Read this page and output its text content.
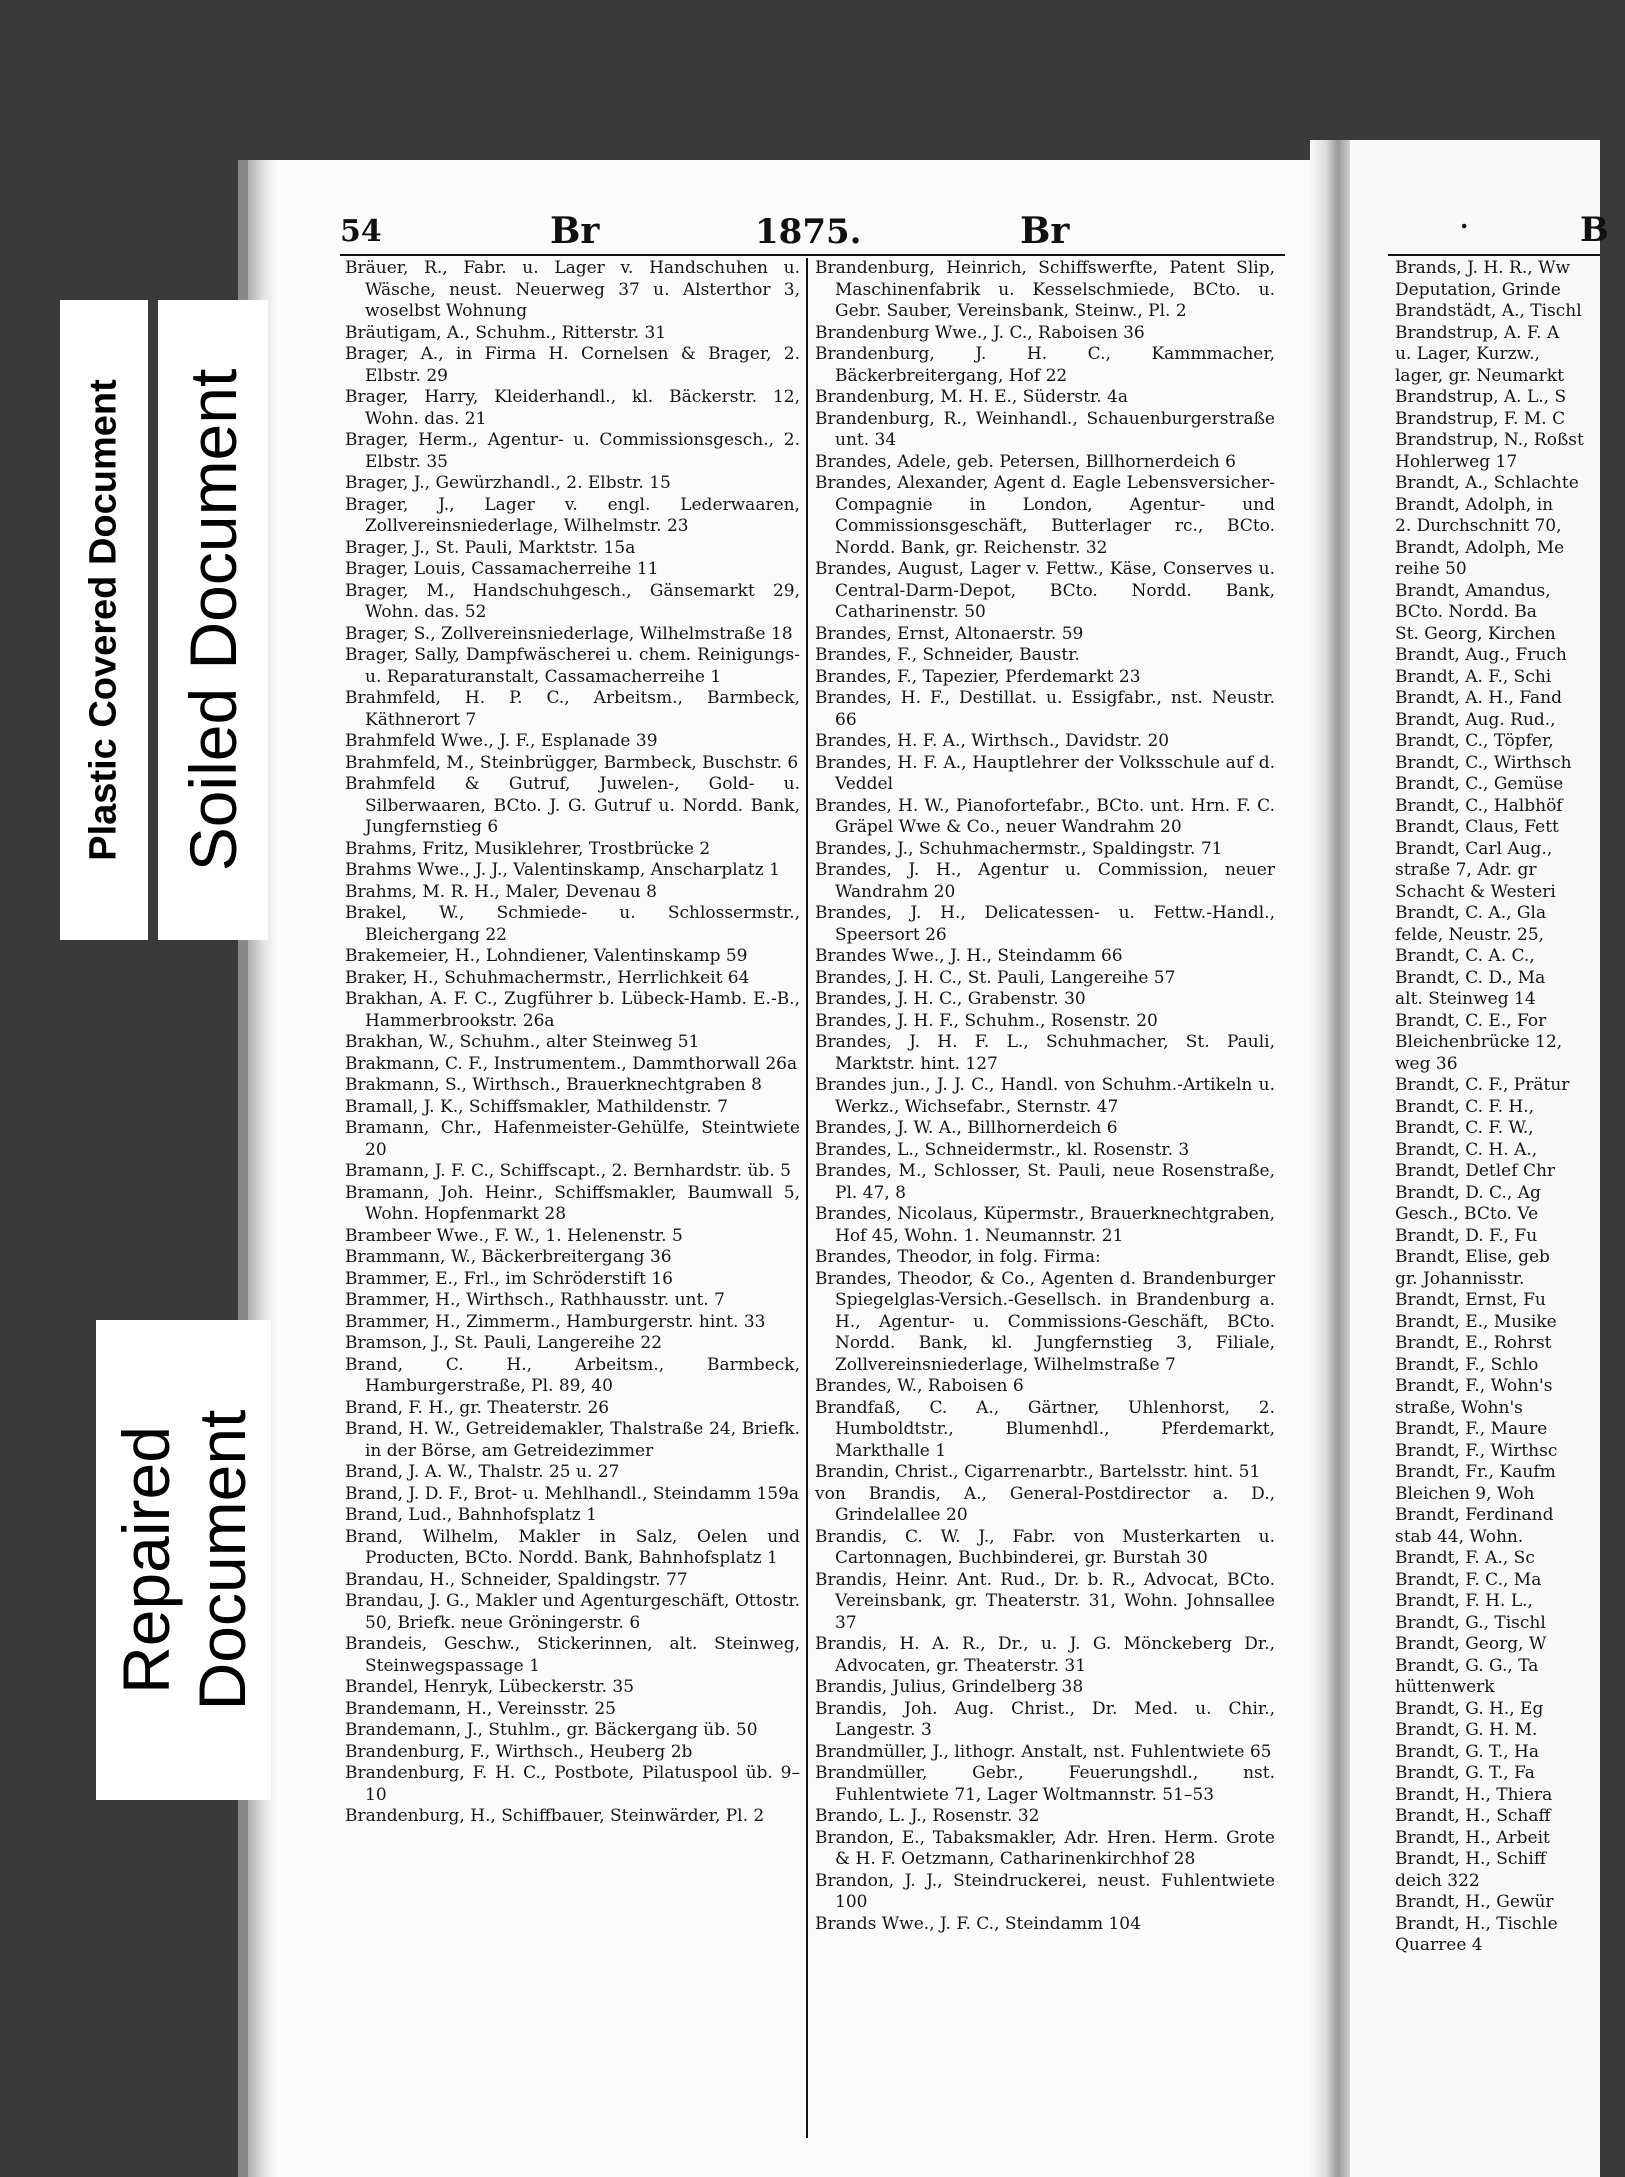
54	Br	1875.	Br	.	B

Bräuer, R., Fabr. u. Lager v. Handschuhen u. Wäsche, neust. Neuerweg 37 u. Alsterthor 3, woselbst Wohnung

Bräutigam, A., Schuhm., Ritterstr. 31

Brager, A., in Firma H. Cornelsen & Brager, 2. Elbstr. 29

Brager, Harry, Kleiderhandl., kl. Bäckerstr. 12, Wohn. das. 21

Brager, Herm., Agentur- u. Commissionsgesch., 2. Elbstr. 35

Brager, J., Gewürzhandl., 2. Elbstr. 15

Brager, J., Lager v. engl. Lederwaaren, Zollvereinsniederlage, Wilhelmstr. 23

Brager, J., St. Pauli, Marktstr. 15a

Brager, Louis, Cassamacherreihe 11

Brager, M., Handschuhgesch., Gänsemarkt 29, Wohn. das. 52

Brager, S., Zollvereinsniederlage, Wilhelmstraße 18

Brager, Sally, Dampfwäscherei u. chem. Reinigungs- u. Reparaturanstalt, Cassamacherreihe 1

Brahmfeld, H. P. C., Arbeitsm., Barmbeck, Käthnerort 7

Brahmfeld Wwe., J. F., Esplanade 39

Brahmfeld, M., Steinbrügger, Barmbeck, Buschstr. 6

Brahmfeld & Gutruf, Juwelen-, Gold- u. Silberwaaren, BCto. J. G. Gutruf u. Nordd. Bank, Jungfernstieg 6

Brahms, Fritz, Musiklehrer, Trostbrücke 2

Brahms Wwe., J. J., Valentinskamp, Anscharplatz 1

Brahms, M. R. H., Maler, Devenau 8

Brakel, W., Schmiede- u. Schlossermstr., Bleichergang 22

Brakemeier, H., Lohndiener, Valentinskamp 59

Braker, H., Schuhmachermstr., Herrlichkeit 64

Brakhan, A. F. C., Zugführer b. Lübeck-Hamb. E.-B., Hammerbrookstr. 26a

Brakhan, W., Schuhm., alter Steinweg 51

Brakmann, C. F., Instrumentem., Dammthorwall 26a

Brakmann, S., Wirthsch., Brauerknechtgraben 8

Bramall, J. K., Schiffsmakler, Mathildenstr. 7

Bramann, Chr., Hafenmeister-Gehülfe, Steintwiete 20

Bramann, J. F. C., Schiffscapt., 2. Bernhardstr. üb. 5

Bramann, Joh. Heinr., Schiffsmakler, Baumwall 5, Wohn. Hopfenmarkt 28

Brambeer Wwe., F. W., 1. Helenenstr. 5

Brammann, W., Bäckerbreitergang 36

Brammer, E., Frl., im Schröderstift 16

Brammer, H., Wirthsch., Rathhausstr. unt. 7

Brammer, H., Zimmerm., Hamburgerstr. hint. 33

Bramson, J., St. Pauli, Langereihe 22

Brand, C. H., Arbeitsm., Barmbeck, Hamburgerstraße, Pl. 89, 40

Brand, F. H., gr. Theaterstr. 26

Brand, H. W., Getreidemakler, Thalstraße 24, Briefk. in der Börse, am Getreidezimmer

Brand, J. A. W., Thalstr. 25 u. 27

Brand, J. D. F., Brot- u. Mehlhandl., Steindamm 159a

Brand, Lud., Bahnhofsplatz 1

Brand, Wilhelm, Makler in Salz, Oelen und Producten, BCto. Nordd. Bank, Bahnhofsplatz 1

Brandau, H., Schneider, Spaldingstr. 77

Brandau, J. G., Makler und Agenturgeschäft, Ottostr. 50, Briefk. neue Gröningerstr. 6

Brandeis, Geschw., Stickerinnen, alt. Steinweg, Steinwegspassage 1

Brandel, Henryk, Lübeckerstr. 35

Brandemann, H., Vereinsstr. 25

Brandemann, J., Stuhlm., gr. Bäckergang üb. 50

Brandenburg, F., Wirthsch., Heuberg 2b

Brandenburg, F. H. C., Postbote, Pilatuspool üb. 9–10

Brandenburg, H., Schiffbauer, Steinwärder, Pl. 2

Brandenburg, Heinrich, Schiffswerfte, Patent Slip, Maschinenfabrik u. Kesselschmiede, BCto. u. Gebr. Sauber, Vereinsbank, Steinw., Pl. 2

Brandenburg Wwe., J. C., Raboisen 36

Brandenburg, J. H. C., Kammmacher, Bäckerbreitergang, Hof 22

Brandenburg, M. H. E., Süderstr. 4a

Brandenburg, R., Weinhandl., Schauenburgerstraße unt. 34

Brandes, Adele, geb. Petersen, Billhornerdeich 6

Brandes, Alexander, Agent d. Eagle Lebensversicher-Compagnie in London, Agentur- und Commissionsgeschäft, Butterlager rc., BCto. Nordd. Bank, gr. Reichenstr. 32

Brandes, August, Lager v. Fettw., Käse, Conserves u. Central-Darm-Depot, BCto. Nordd. Bank, Catharinenstr. 50

Brandes, Ernst, Altonaerstr. 59

Brandes, F., Schneider, Baustr.

Brandes, F., Tapezier, Pferdemarkt 23

Brandes, H. F., Destillat. u. Essigfabr., nst. Neustr. 66

Brandes, H. F. A., Wirthsch., Davidstr. 20

Brandes, H. F. A., Hauptlehrer der Volksschule auf d. Veddel

Brandes, H. W., Pianofortefabr., BCto. unt. Hrn. F. C. Gräpel Wwe & Co., neuer Wandrahm 20

Brandes, J., Schuhmachermstr., Spaldingstr. 71

Brandes, J. H., Agentur u. Commission, neuer Wandrahm 20

Brandes, J. H., Delicatessen- u. Fettw.-Handl., Speersort 26

Brandes Wwe., J. H., Steindamm 66

Brandes, J. H. C., St. Pauli, Langereihe 57

Brandes, J. H. C., Grabenstr. 30

Brandes, J. H. F., Schuhm., Rosenstr. 20

Brandes, J. H. F. L., Schuhmacher, St. Pauli, Marktstr. hint. 127

Brandes jun., J. J. C., Handl. von Schuhm.-Artikeln u. Werkz., Wichsefabr., Sternstr. 47

Brandes, J. W. A., Billhornerdeich 6

Brandes, L., Schneidermstr., kl. Rosenstr. 3

Brandes, M., Schlosser, St. Pauli, neue Rosenstraße, Pl. 47, 8

Brandes, Nicolaus, Küpermstr., Brauerknechtgraben, Hof 45, Wohn. 1. Neumannstr. 21

Brandes, Theodor, in folg. Firma:

Brandes, Theodor, & Co., Agenten d. Brandenburger Spiegelglas-Versich.-Gesellsch. in Brandenburg a. H., Agentur- u. Commissions-Geschäft, BCto. Nordd. Bank, kl. Jungfernstieg 3, Filiale, Zollvereinsniederlage, Wilhelmstraße 7

Brandes, W., Raboisen 6

Brandfaß, C. A., Gärtner, Uhlenhorst, 2. Humboldtstr., Blumenhdl., Pferdemarkt, Markthalle 1

Brandin, Christ., Cigarrenarbtr., Bartelsstr. hint. 51

von Brandis, A., General-Postdirector a. D., Grindelallee 20

Brandis, C. W. J., Fabr. von Musterkarten u. Cartonnagen, Buchbinderei, gr. Burstah 30

Brandis, Heinr. Ant. Rud., Dr. b. R., Advocat, BCto. Vereinsbank, gr. Theaterstr. 31, Wohn. Johnsallee 37

Brandis, H. A. R., Dr., u. J. G. Mönckeberg Dr., Advocaten, gr. Theaterstr. 31

Brandis, Julius, Grindelberg 38

Brandis, Joh. Aug. Christ., Dr. Med. u. Chir., Langestr. 3

Brandmüller, J., lithogr. Anstalt, nst. Fuhlentwiete 65

Brandmüller, Gebr., Feuerungshdl., nst. Fuhlentwiete 71, Lager Woltmannstr. 51–53

Brando, L. J., Rosenstr. 32

Brandon, E., Tabaksmakler, Adr. Hren. Herm. Grote & H. F. Oetzmann, Catharinenkirchhof 28

Brandon, J. J., Steindruckerei, neust. Fuhlentwiete 100

Brands Wwe., J. F. C., Steindamm 104

Brands, J. H. R., Ww

Deputation, Grinde

Brandstädt, A., Tischl

Brandstrup, A. F. A

u. Lager, Kurzw.,

lager, gr. Neumarkt

Brandstrup, A. L., S

Brandstrup, F. M. C

Brandstrup, N., Roßst

Hohlerweg 17

Brandt, A., Schlachte

Brandt, Adolph, in

2. Durchschnitt 70,

Brandt, Adolph, Me

reihe 50

Brandt, Amandus,

BCto. Nordd. Ba

St. Georg, Kirchen

Brandt, Aug., Fruch

Brandt, A. F., Schi

Brandt, A. H., Fand

Brandt, Aug. Rud.,

Brandt, C., Töpfer,

Brandt, C., Wirthsch

Brandt, C., Gemüse

Brandt, C., Halbhöf

Brandt, Claus, Fett

Brandt, Carl Aug.,

straße 7, Adr. gr

Schacht & Westeri

Brandt, C. A., Gla

felde, Neustr. 25,

Brandt, C. A. C.,

Brandt, C. D., Ma

alt. Steinweg 14

Brandt, C. E., For

Bleichenbrücke 12,

weg 36

Brandt, C. F., Prätur

Brandt, C. F. H.,

Brandt, C. F. W.,

Brandt, C. H. A.,

Brandt, Detlef Chr

Brandt, D. C., Ag

Gesch., BCto. Ve

Brandt, D. F., Fu

Brandt, Elise, geb

gr. Johannisstr.

Brandt, Ernst, Fu

Brandt, E., Musike

Brandt, E., Rohrst

Brandt, F., Schlo

Brandt, F., Wohn's

straße, Wohn's

Brandt, F., Maure

Brandt, F., Wirthsc

Brandt, Fr., Kaufm

Bleichen 9, Woh

Brandt, Ferdinand

stab 44, Wohn.

Brandt, F. A., Sc

Brandt, F. C., Ma

Brandt, F. H. L.,

Brandt, G., Tischl

Brandt, Georg, W

Brandt, G. G., Ta

hüttenwerk

Brandt, G. H., Eg

Brandt, G. H. M.

Brandt, G. T., Ha

Brandt, G. T., Fa

Brandt, H., Thiera

Brandt, H., Schaff

Brandt, H., Arbeit

Brandt, H., Schiff

deich 322

Brandt, H., Gewür

Brandt, H., Tischle

Quarree 4

Plastic Covered Document Soiled Document
Repaired Document
